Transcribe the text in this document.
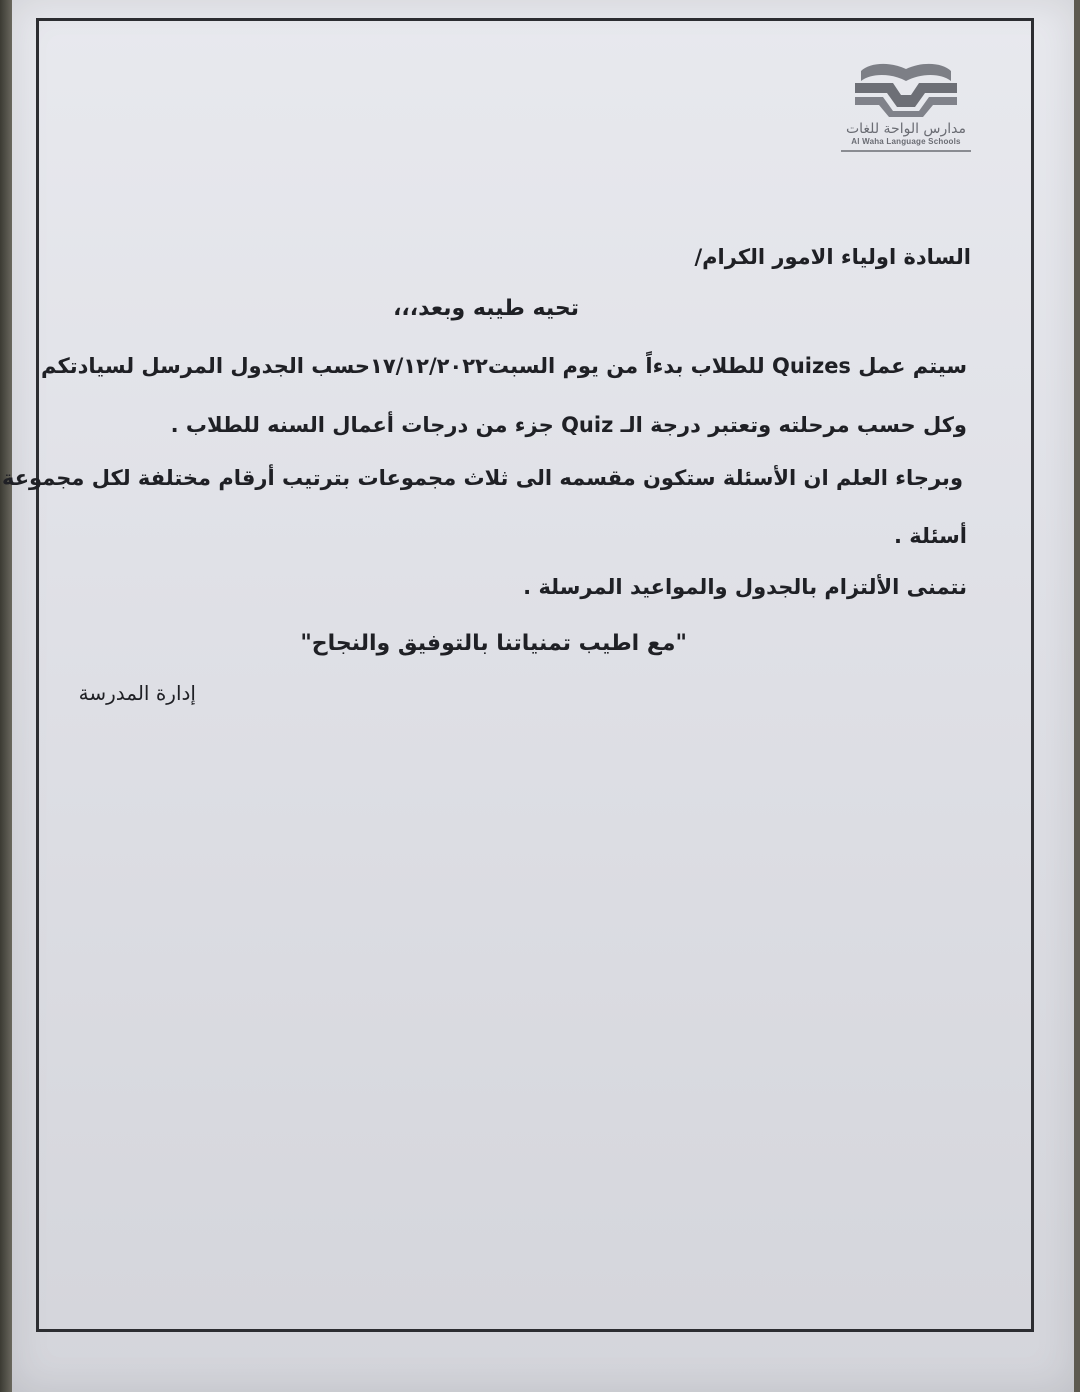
مدارس الواحة للغات
Al Waha Language Schools
السادة اولياء الامور الكرام/
تحيه طيبه وبعد،،،
سيتم عمل Quizes للطلاب بدءاً من يوم السبت١٧/١٢/٢٠٢٢حسب الجدول المرسل لسيادتكم
وكل حسب مرحلته وتعتبر درجة الـ Quiz جزء من درجات أعمال السنه للطلاب .
وبرجاء العلم ان الأسئلة ستكون مقسمه الى ثلاث مجموعات بترتيب أرقام مختلفة لكل مجموعة
أسئلة .
نتمنى الألتزام بالجدول والمواعيد المرسلة .
"مع اطيب تمنياتنا بالتوفيق والنجاح"
إدارة المدرسة
